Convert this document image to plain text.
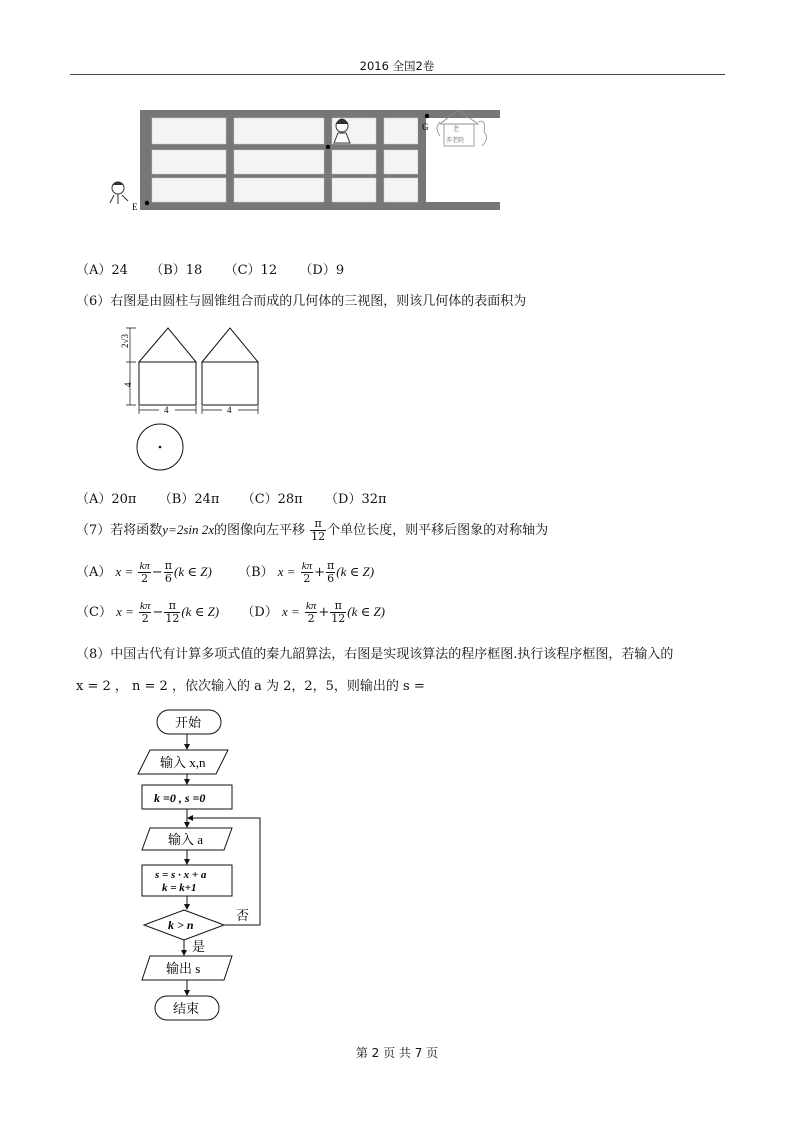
2016 全国2卷
E
G	老
养老院
（A）24 （B）18 （C）12 （D）9
（6）右图是由圆柱与圆锥组合而成的几何体的三视图，则该几何体的表面积为
2√3
4
4	4
（A）20π （B）24π （C）28π （D）32π
（7）若将函数y=2sin 2x的图像向左平移 $\frac{\pi}{12}$ 个单位长度，则平移后图象的对称轴为
（A） $x = \frac{k\pi}{2} - \frac{\pi}{6} (k$ ∈ Z) （B） $x = \frac{k\pi}{2} + \frac{\pi}{6} (k$ ∈ Z)
（C） $x = \frac{k\pi}{2} - \frac{\pi}{12} (k$ ∈ Z) （D） $x = \frac{k\pi}{2} + \frac{\pi}{12} (k$ ∈ Z)
（8）中国古代有计算多项式值的秦九韶算法，右图是实现该算法的程序框图.执行该程序框图，若输入的
x = 2 ， n = 2 ，依次输入的 a 为 2，2，5，则输出的 s =
开始
输入 x,n
k =0 , s =0
输入 a
s = s · x + a
k = k+1
k > n
否
是
输出 s
结束
第 2 页 共 7 页
